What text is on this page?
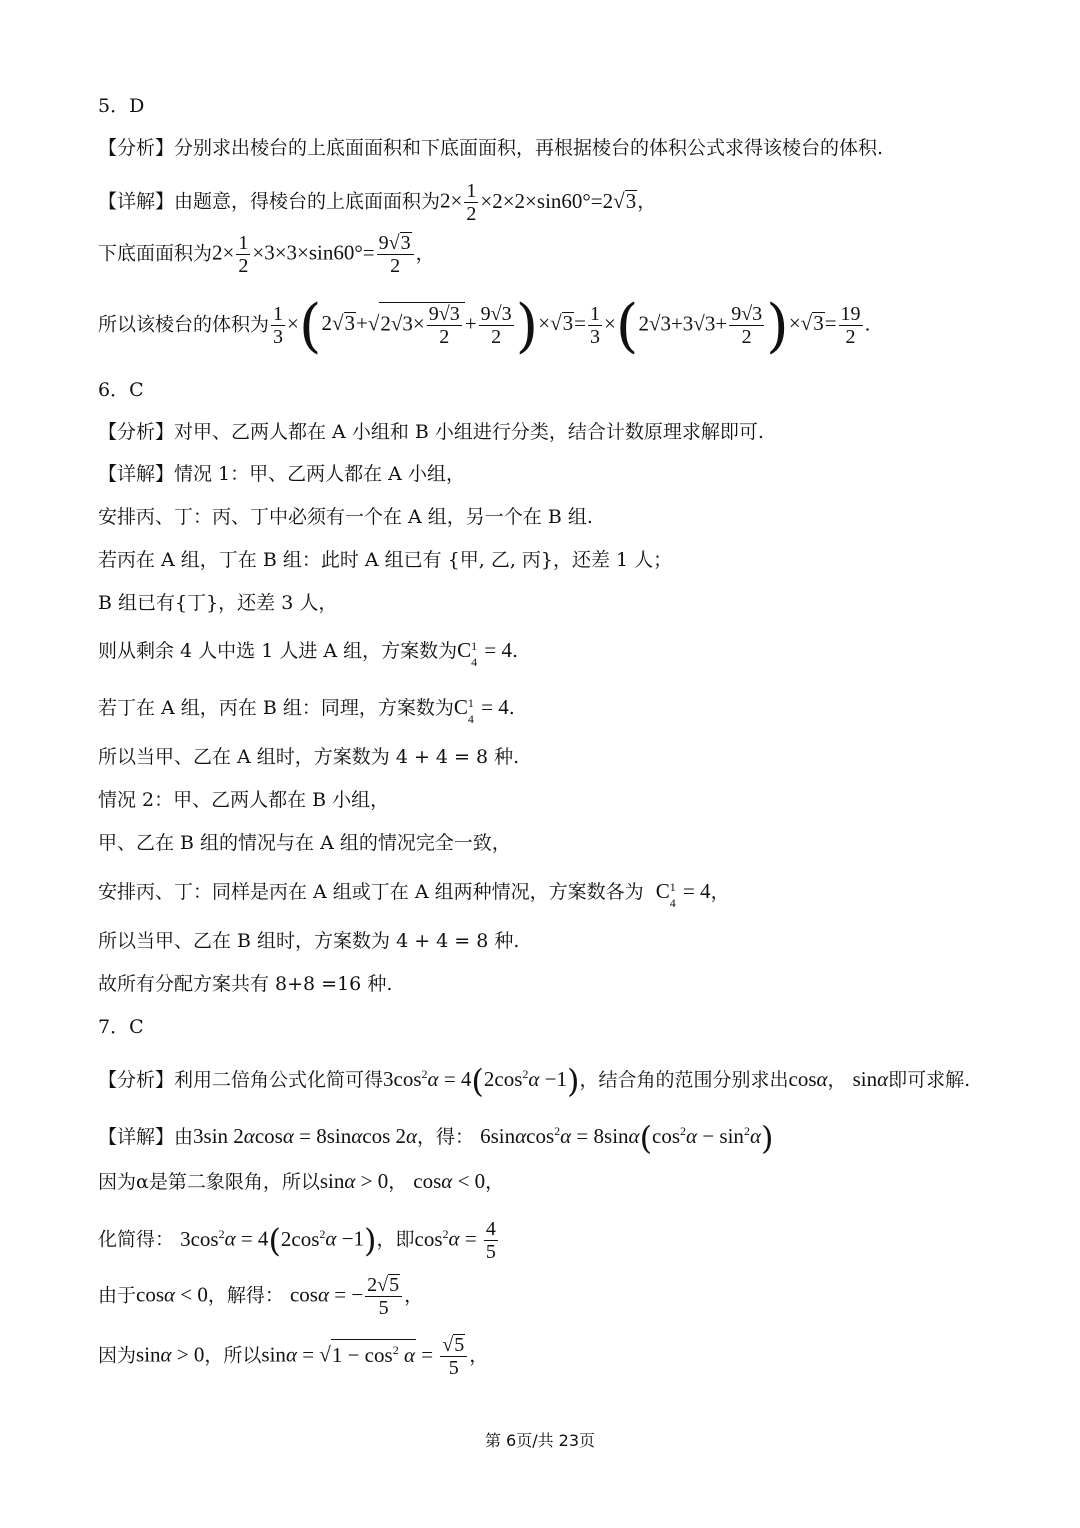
5．D
【分析】分别求出棱台的上底面面积和下底面面积，再根据棱台的体积公式求得该棱台的体积.
【详解】由题意，得棱台的上底面面积为$2\times \frac{1}{2} \times 2\times 2\times\sin 60^\circ=2√3$，
下底面面积为$2\times \frac{1}{2} \times 3\times 3\times\sin 60^\circ= \frac{9√3}{2}$ ，
所以该棱台的体积为 $\frac{1}{3} \times(2√3+√2√3\times \frac{9√3}{2} + \frac{9√3}{2} )\times√3= \frac{1}{3} \times(2√3+3√3+ \frac{9√3}{2} )\times√3= \frac{19}{2}$ .
6．C
【分析】对甲、乙两人都在 A 小组和 B 小组进行分类，结合计数原理求解即可.
【详解】情况 1：甲、乙两人都在 A 小组，
安排丙、丁：丙、丁中必须有一个在 A 组，另一个在 B 组.
若丙在 A 组，丁在 B 组：此时 A 组已有 {甲, 乙, 丙}，还差 1 人；
B 组已有{丁}，还差 3 人，
则从剩余 4 人中选 1 人进 A 组，方案数为C 1
4 = 4.
若丁在 A 组，丙在 B 组：同理，方案数为C 1
4 = 4.
所以当甲、乙在 A 组时，方案数为 4 + 4 = 8 种.
情况 2：甲、乙两人都在 B 小组，
甲、乙在 B 组的情况与在 A 组的情况完全一致，
安排丙、丁：同样是丙在 A 组或丁在 A 组两种情况，方案数各为 C 1
4 = 4，
所以当甲、乙在 B 组时，方案数为 4 + 4 = 8 种.
故所有分配方案共有 8+8 =16 种.
7．C
【分析】利用二倍角公式化简可得$3\cos^2\alpha = 4(2\cos^2\alpha -1)$，结合角的范围分别求出cosα， sinα即可求解.
【详解】由3sin 2αcosα = 8sinαcos 2α，得： $6\sin\alpha\cos^2\alpha = 8\sin\alpha(\cos^2\alpha - \sin^2\alpha)$
因为α是第二象限角，所以sinα > 0， cosα < 0，
化简得： $3\cos^2\alpha = 4(2\cos^2\alpha -1)$，即$\cos^2\alpha = \frac{4}{5}$
由于cosα < 0，解得： cosα = − $\frac{2√5}{5}$ ，
因为sinα > 0，所以$\sin\alpha = √1 - \cos^2 \alpha = \frac{√5}{5}$ ，
第 6页/共 23页
